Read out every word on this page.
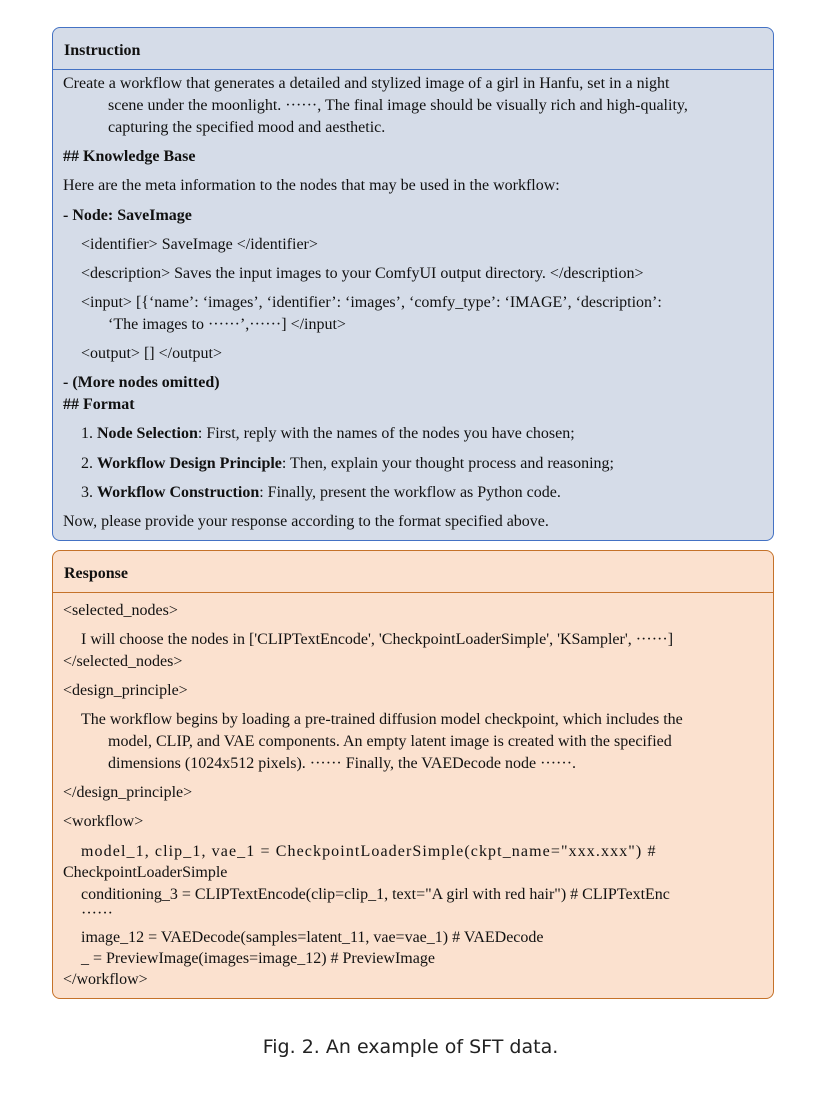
Instruction
Create a workflow that generates a detailed and stylized image of a girl in Hanfu, set in a night
scene under the moonlight. ······, The final image should be visually rich and high-quality,
capturing the specified mood and aesthetic.
## Knowledge Base
Here are the meta information to the nodes that may be used in the workflow:
- Node: SaveImage
<identifier> SaveImage </identifier>
<description> Saves the input images to your ComfyUI output directory. </description>
<input> [{‘name’: ‘images’, ‘identifier’: ‘images’, ‘comfy_type’: ‘IMAGE’, ‘description’:
‘The images to ······’,······] </input>
<output> [] </output>
- (More nodes omitted)
## Format
1. Node Selection: First, reply with the names of the nodes you have chosen;
2. Workflow Design Principle: Then, explain your thought process and reasoning;
3. Workflow Construction: Finally, present the workflow as Python code.
Now, please provide your response according to the format specified above.
Response
<selected_nodes>
I will choose the nodes in ['CLIPTextEncode', 'CheckpointLoaderSimple', 'KSampler', ······]
</selected_nodes>
<design_principle>
The workflow begins by loading a pre-trained diffusion model checkpoint, which includes the
model, CLIP, and VAE components. An empty latent image is created with the specified
dimensions (1024x512 pixels). ······ Finally, the VAEDecode node ······.
</design_principle>
<workflow>
model_1, clip_1, vae_1 = CheckpointLoaderSimple(ckpt_name="xxx.xxx") #
CheckpointLoaderSimple
conditioning_3 = CLIPTextEncode(clip=clip_1, text="A girl with red hair") # CLIPTextEnc
······
image_12 = VAEDecode(samples=latent_11, vae=vae_1) # VAEDecode
_ = PreviewImage(images=image_12) # PreviewImage
</workflow>
Fig. 2. An example of SFT data.
